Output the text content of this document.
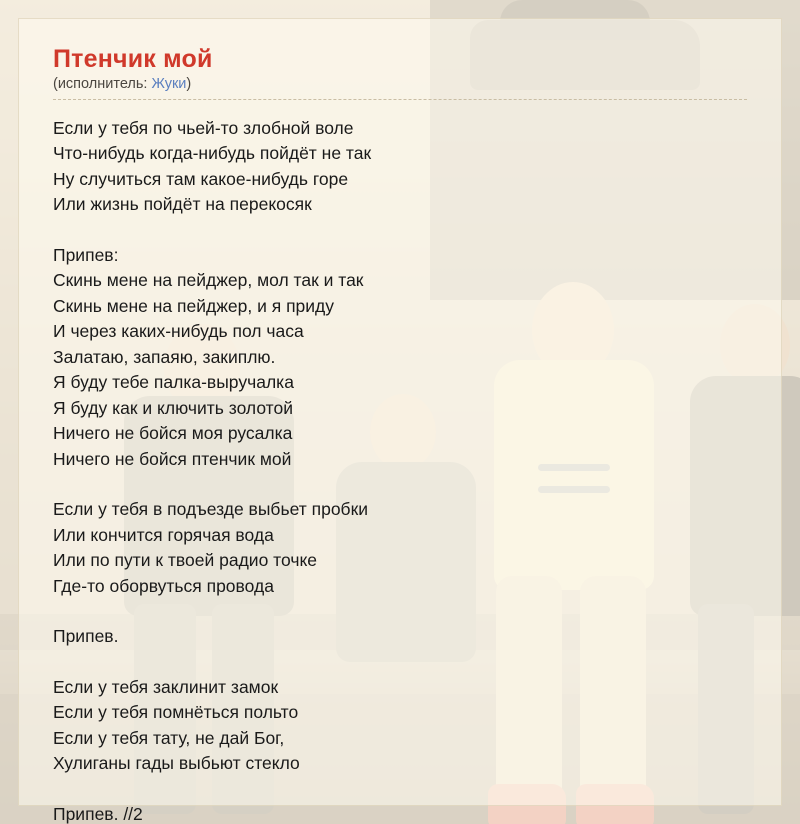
Птенчик мой
(исполнитель: Жуки)
Если у тебя по чьей-то злобной воле
Что-нибудь когда-нибудь пойдёт не так
Ну случиться там какое-нибудь горе
Или жизнь пойдёт на перекосяк
Припев:
Скинь мене на пейджер, мол так и так
Скинь мене на пейджер, и я приду
И через каких-нибудь пол часа
Залатаю, запаяю, закиплю.
Я буду тебе палка-выручалка
Я буду как и ключить золотой
Ничего не бойся моя русалка
Ничего не бойся птенчик мой
Если у тебя в подъезде выбьет пробки
Или кончится горячая вода
Или по пути к твоей радио точке
Где-то оборвуться провода
Припев.
Если у тебя заклинит замок
Если у тебя помнёться польто
Если у тебя тату, не дай Бог,
Хулиганы гады выбьют стекло
Припев. //2
